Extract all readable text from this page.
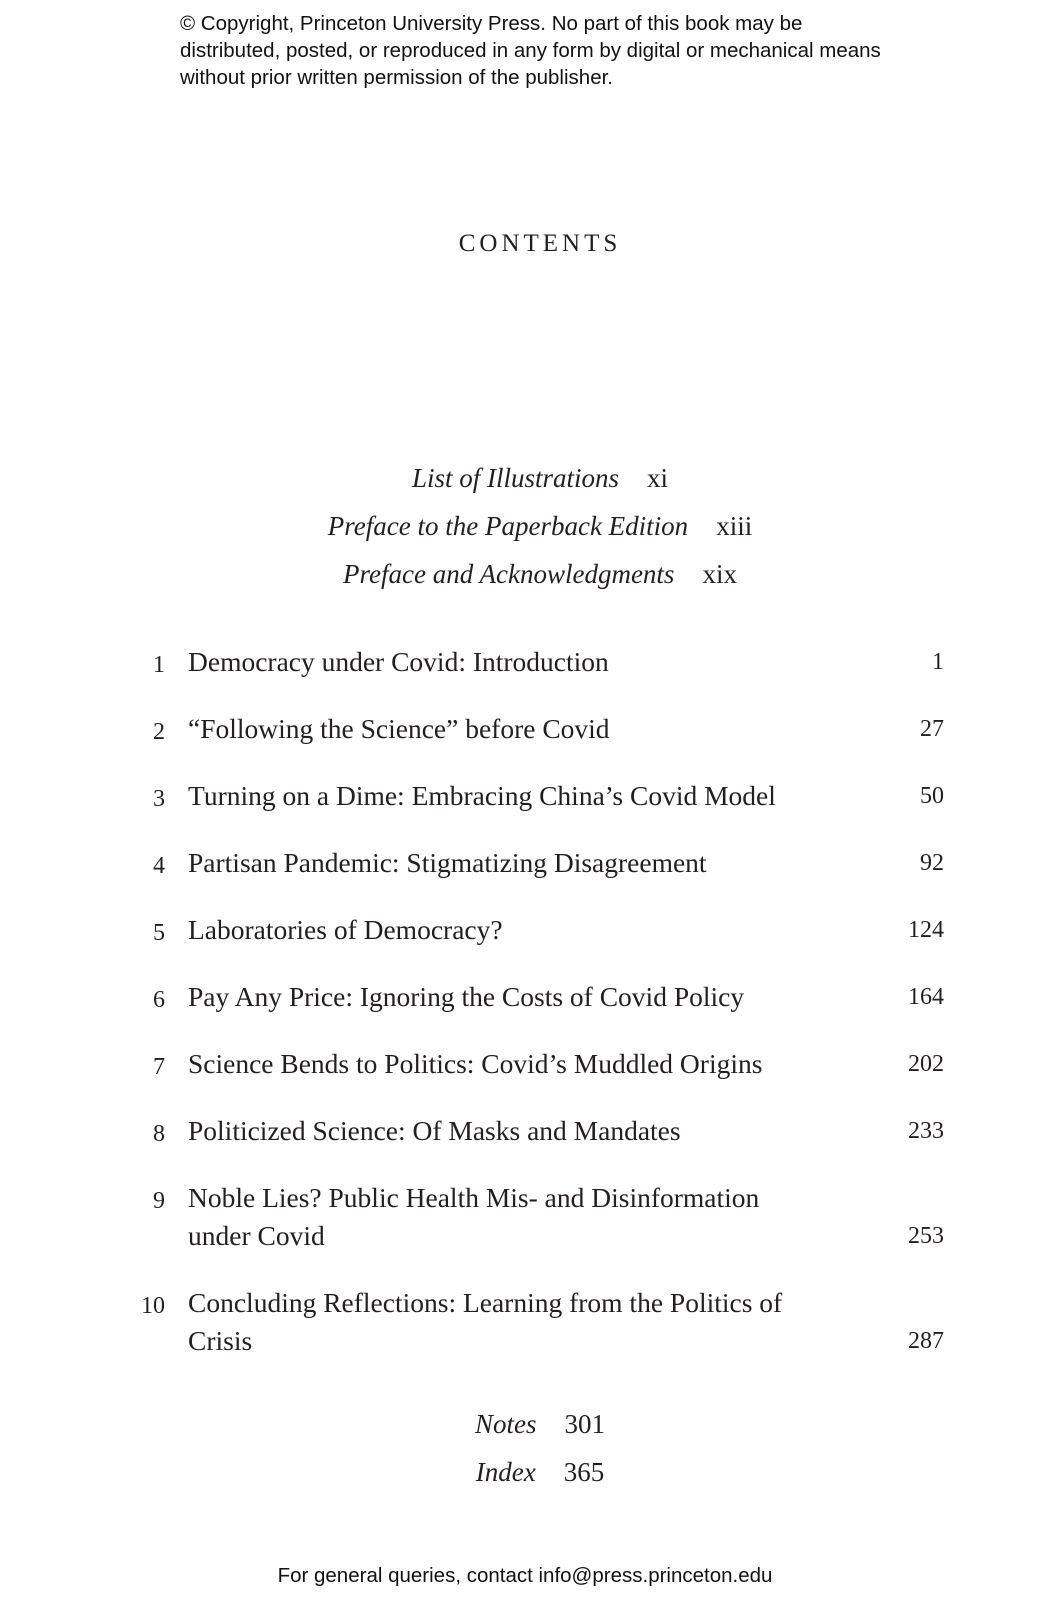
© Copyright, Princeton University Press. No part of this book may be distributed, posted, or reproduced in any form by digital or mechanical means without prior written permission of the publisher.

CONTENTS
List of Illustrations xi
Preface to the Paperback Edition xiii
Preface and Acknowledgments xix
1 Democracy under Covid: Introduction	1
2 “Following the Science” before Covid	27
3 Turning on a Dime: Embracing China’s Covid Model	50
4 Partisan Pandemic: Stigmatizing Disagreement	92
5 Laboratories of Democracy?	124
6 Pay Any Price: Ignoring the Costs of Covid Policy	164
7 Science Bends to Politics: Covid’s Muddled Origins	202
8 Politicized Science: Of Masks and Mandates	233
9 Noble Lies? Public Health Mis- and Disinformation under Covid	253
10 Concluding Reflections: Learning from the Politics of Crisis	287
Notes 301
Index 365

For general queries, contact info@press.princeton.edu
